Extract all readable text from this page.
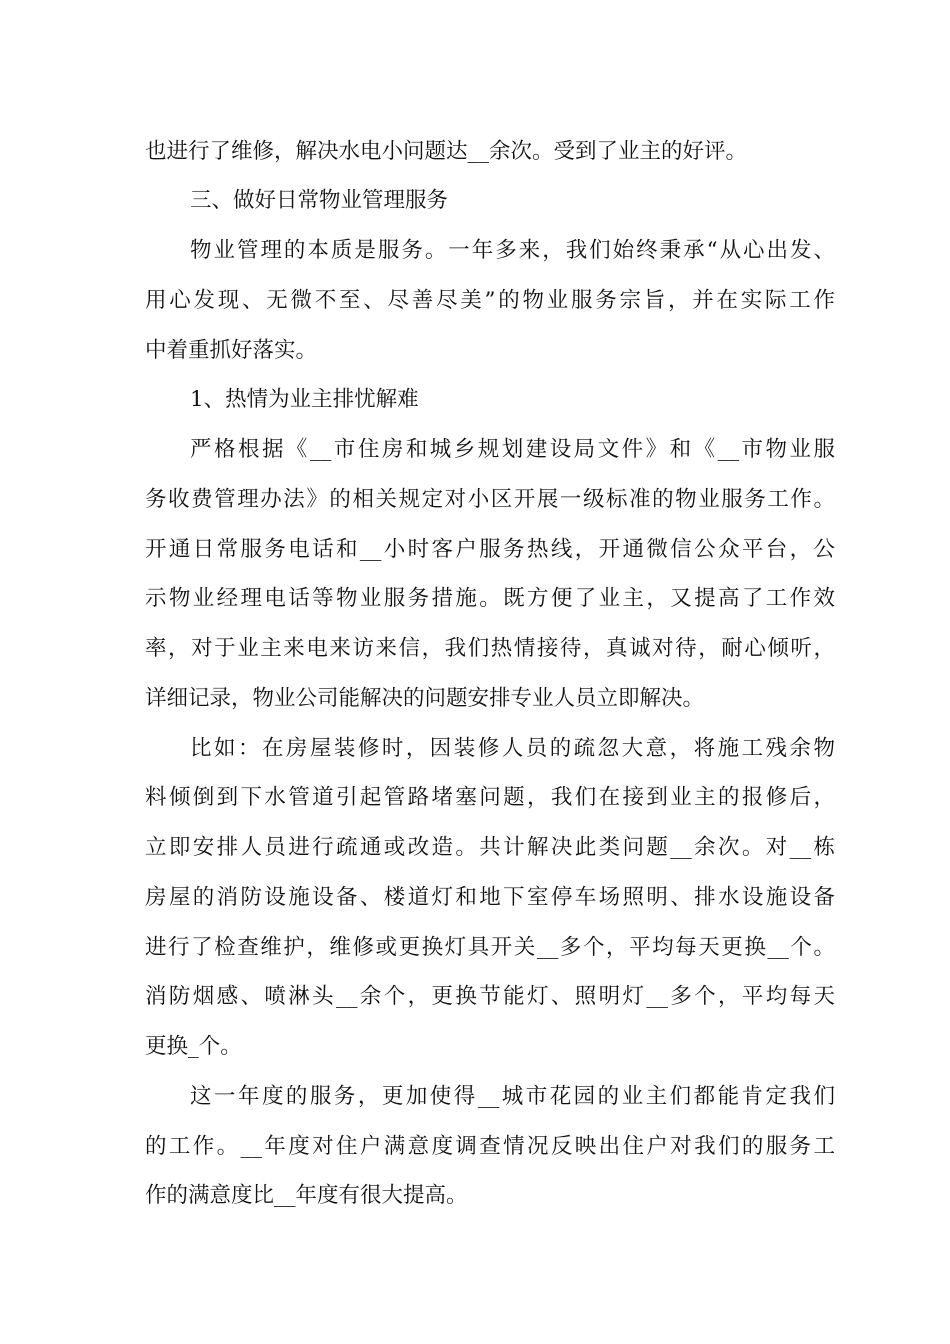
也进行了维修，解决水电小问题达__余次。受到了业主的好评。
三、做好日常物业管理服务
物业管理的本质是服务。一年多来，我们始终秉承“从心出发、
用心发现、无微不至、尽善尽美”的物业服务宗旨，并在实际工作
中着重抓好落实。
1、热情为业主排忧解难
严格根据《__市住房和城乡规划建设局文件》和《__市物业服
务收费管理办法》的相关规定对小区开展一级标准的物业服务工作。
开通日常服务电话和__小时客户服务热线，开通微信公众平台，公
示物业经理电话等物业服务措施。既方便了业主，又提高了工作效
率，对于业主来电来访来信，我们热情接待，真诚对待，耐心倾听，
详细记录，物业公司能解决的问题安排专业人员立即解决。
比如：在房屋装修时，因装修人员的疏忽大意，将施工残余物
料倾倒到下水管道引起管路堵塞问题，我们在接到业主的报修后，
立即安排人员进行疏通或改造。共计解决此类问题__余次。对__栋
房屋的消防设施设备、楼道灯和地下室停车场照明、排水设施设备
进行了检查维护，维修或更换灯具开关__多个，平均每天更换__个。
消防烟感、喷淋头__余个，更换节能灯、照明灯__多个，平均每天
更换_个。
这一年度的服务，更加使得__城市花园的业主们都能肯定我们
的工作。__年度对住户满意度调查情况反映出住户对我们的服务工
作的满意度比__年度有很大提高。
